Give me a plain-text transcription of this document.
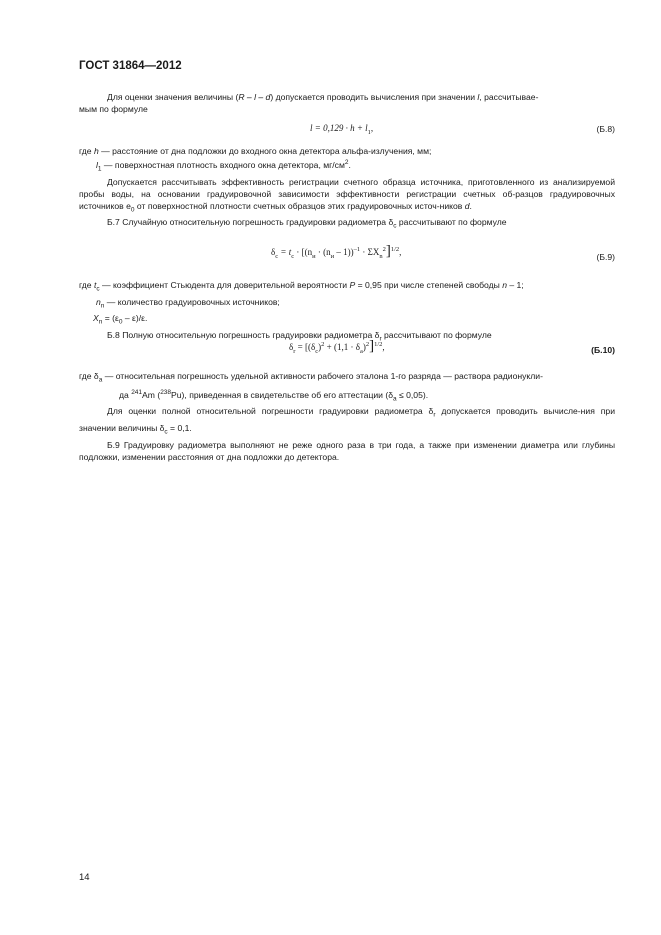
ГОСТ 31864—2012

Для оценки значения величины (R – l – d) допускается проводить вычисления при значении l, рассчитывае-

мым по формуле
$l = 0,129 \cdot h + l_1$,	(Б.8)
где h — расстояние от дна подложки до входного окна детектора альфа-излучения, мм;
$l_1$ — поверхностная плотность входного окна детектора, $мг/см^2$.

Допускается рассчитывать эффективность регистрации счетного образца источника, приготовленного из анализируемой пробы воды, на основании градуировочной зависимости эффективности регистрации счетных об-разцов градуировочных источников $e_0$ от поверхностной плотности счетных образцов этих градуировочных источ-ников d.

Б.7 Случайную относительную погрешность градуировки радиометра $\delta_c$ рассчитывают по формуле

$\delta_c = t_c \cdot [(n_и \cdot (n_и - 1))^{-1} \cdot \Sigma X_n^2]^{1/2}$,	(Б.9)
где $t_c$ — коэффициент Стьюдента для доверительной вероятности P = 0,95 при числе степеней свободы n – 1;
$n_n$ — количество градуировочных источников;
$X_n = (\varepsilon_0 - \varepsilon)/\varepsilon$.

Б.8 Полную относительную погрешность градуировки радиометра $\delta_r$ рассчитывают по формуле

$\delta_r = [(\delta_c)^2 + (1,1 \cdot \delta_a)^2]^{1/2}$,	(Б.10)
где $\delta_a$ — относительная погрешность удельной активности рабочего эталона 1-го разряда — раствора радионукли-
да $^{241}$Am ($^{238}$Pu), приведенная в свидетельстве об его аттестации $(\delta_a \le 0,05)$.

Для оценки полной относительной погрешности градуировки радиометра $\delta_r$ допускается проводить вычисле-ния при значении величины $\delta_c = 0,1$.

Б.9 Градуировку радиометра выполняют не реже одного раза в три года, а также при изменении диаметра или глубины подложки, изменении расстояния от дна подложки до детектора.

14
